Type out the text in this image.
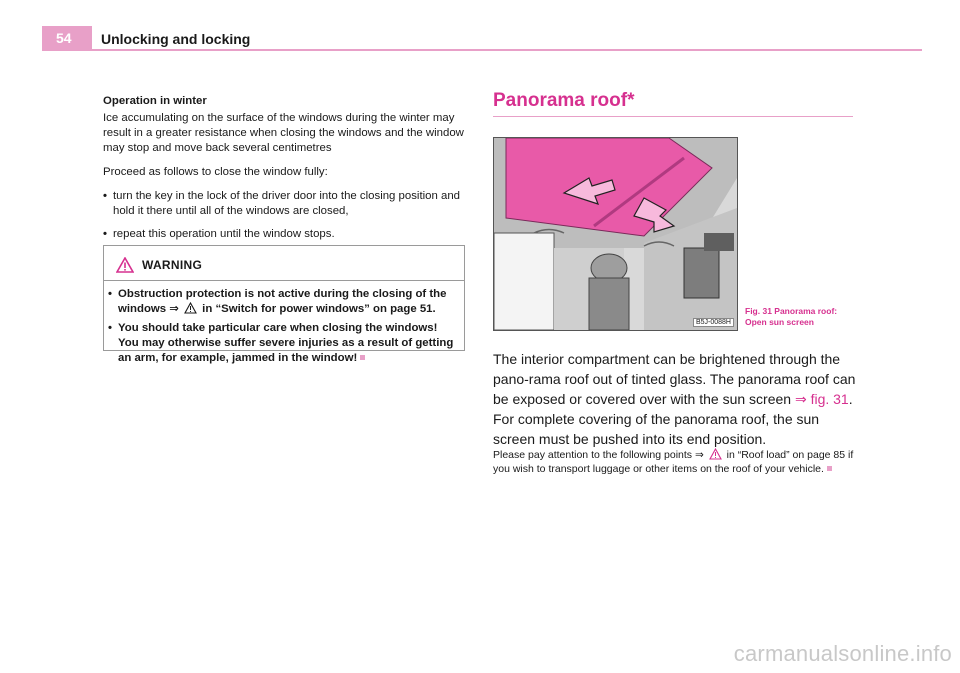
54 Unlocking and locking

Operation in winter

Ice accumulating on the surface of the windows during the winter may result in a greater resistance when closing the windows and the window may stop and move back several centimetres

Proceed as follows to close the window fully:

• turn the key in the lock of the driver door into the closing position and hold it there until all of the windows are closed,
• repeat this operation until the window stops.
WARNING
• Obstruction protection is not active during the closing of the windows ⇒ in “Switch for power windows” on page 51.
• You should take particular care when closing the windows! You may otherwise suffer severe injuries as a result of getting an arm, for example, jammed in the window!
Panorama roof*
B5J-0088H
Fig. 31 Panorama roof: Open sun screen
The interior compartment can be brightened through the pano-rama roof out of tinted glass. The panorama roof can be exposed or covered over with the sun screen ⇒ fig. 31. For complete covering of the panorama roof, the sun screen must be pushed into its end position.
Please pay attention to the following points ⇒ in “Roof load” on page 85 if you wish to transport luggage or other items on the roof of your vehicle.
carmanualsonline.info
